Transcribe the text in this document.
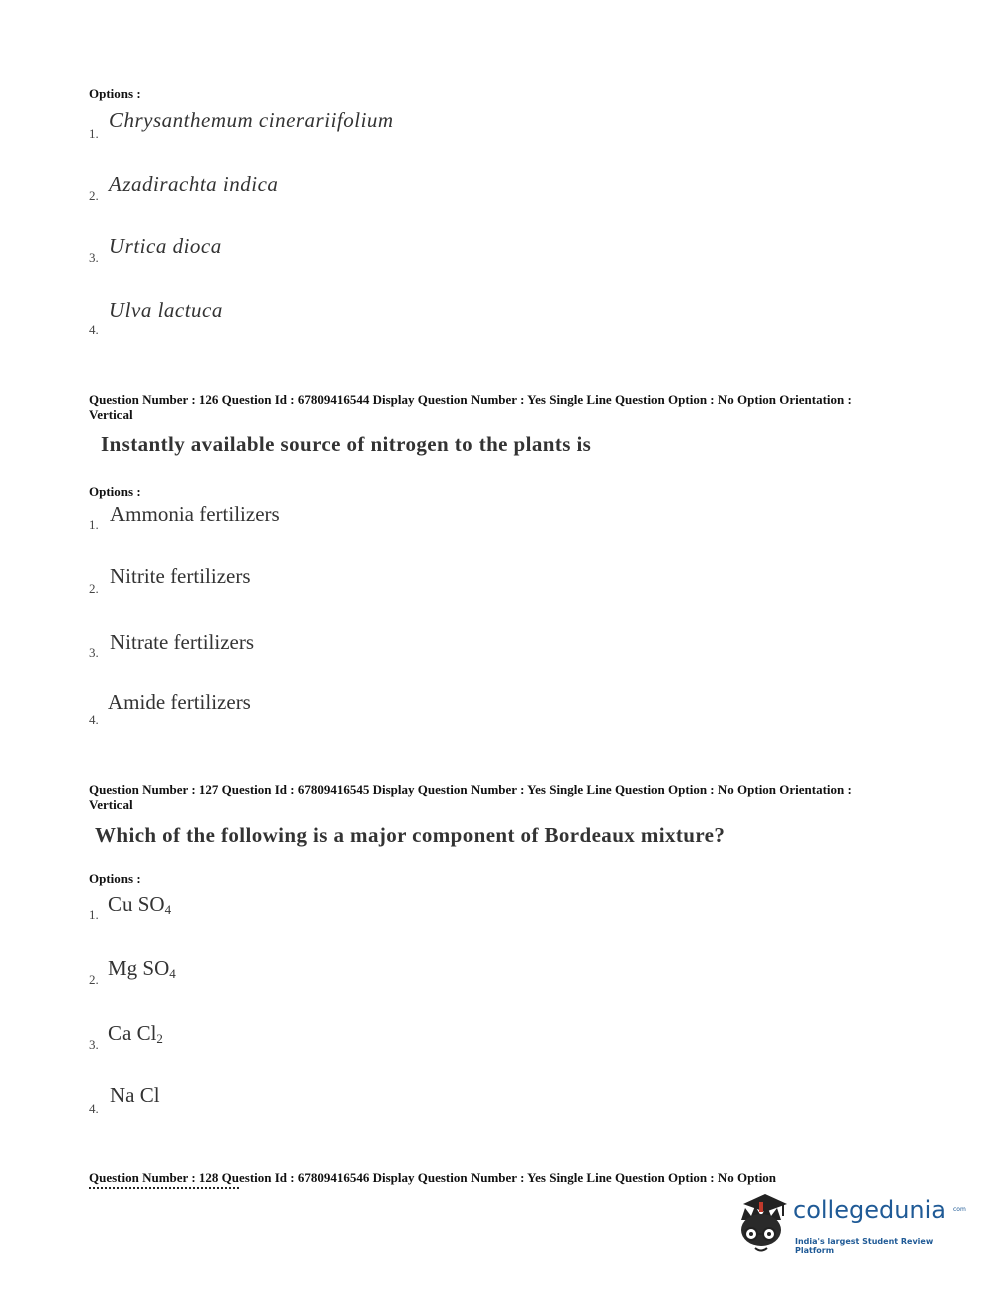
Options :
1.
Chrysanthemum cinerariifolium
2. Azadirachta indica
3. Urtica dioca
4.
Ulva lactuca
Question Number : 126 Question Id : 67809416544 Display Question Number : Yes Single Line Question Option : No Option Orientation : Vertical
Instantly available source of nitrogen to the plants is
Options :
1. Ammonia fertilizers
2.
Nitrite fertilizers
3. Nitrate fertilizers
4.
Amide fertilizers
Question Number : 127 Question Id : 67809416545 Display Question Number : Yes Single Line Question Option : No Option Orientation : Vertical
Which of the following is a major component of Bordeaux mixture?
Options :
1. Cu $SO_4$
2. Mg $SO_4$
3. Ca $Cl_2$
4.
Na Cl
Question Number : 128 Question Id : 67809416546 Display Question Number : Yes Single Line Question Option : No Option
collegedunia com
India's largest Student Review Platform
